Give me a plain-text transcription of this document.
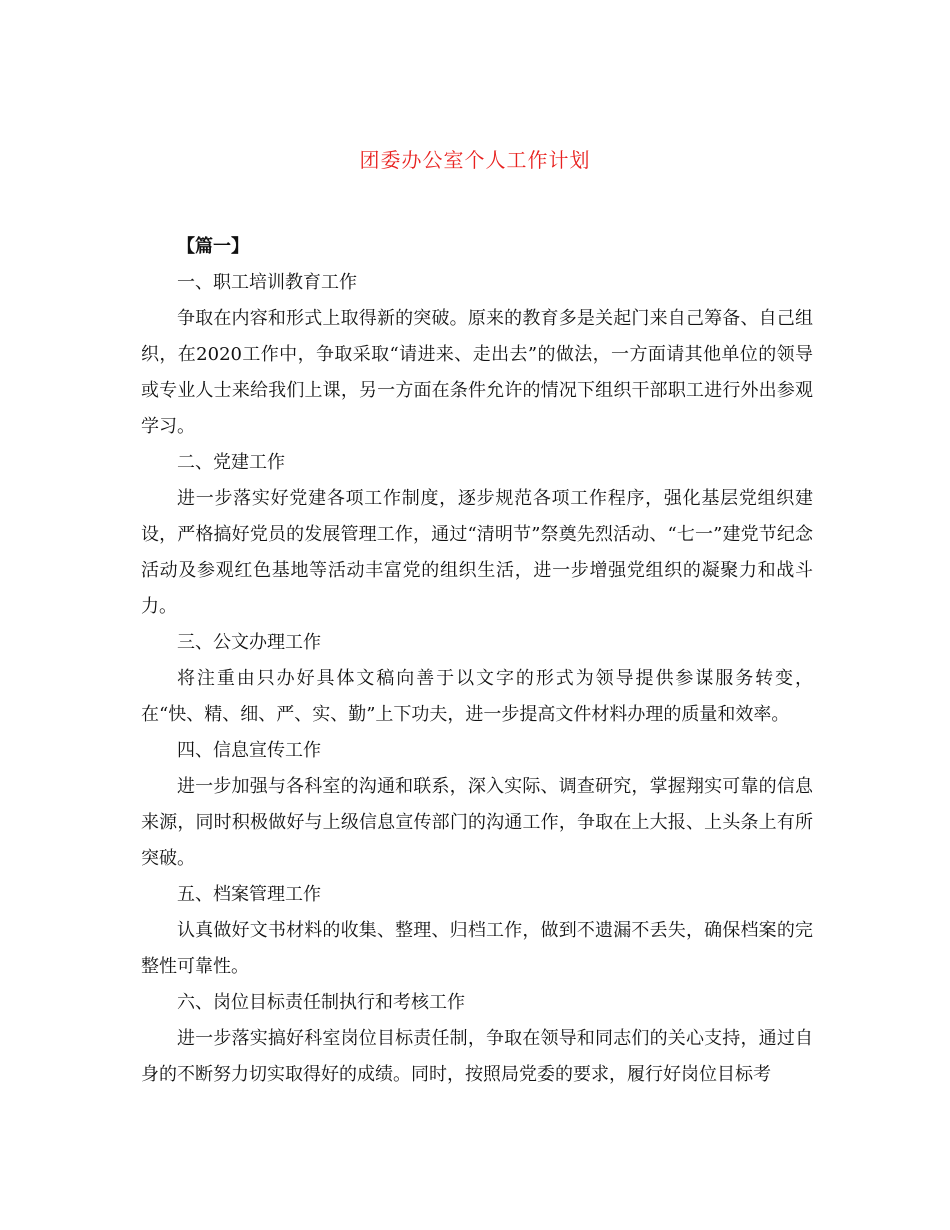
团委办公室个人工作计划

【篇一】

一、职工培训教育工作

争取在内容和形式上取得新的突破。原来的教育多是关起门来自己筹备、自己组织，在2020工作中，争取采取“请进来、走出去”的做法，一方面请其他单位的领导或专业人士来给我们上课，另一方面在条件允许的情况下组织干部职工进行外出参观学习。

二、党建工作

进一步落实好党建各项工作制度，逐步规范各项工作程序，强化基层党组织建设，严格搞好党员的发展管理工作，通过“清明节”祭奠先烈活动、“七一”建党节纪念活动及参观红色基地等活动丰富党的组织生活，进一步增强党组织的凝聚力和战斗力。

三、公文办理工作

将注重由只办好具体文稿向善于以文字的形式为领导提供参谋服务转变，在“快、精、细、严、实、勤”上下功夫，进一步提高文件材料办理的质量和效率。

四、信息宣传工作

进一步加强与各科室的沟通和联系，深入实际、调查研究，掌握翔实可靠的信息来源，同时积极做好与上级信息宣传部门的沟通工作，争取在上大报、上头条上有所突破。

五、档案管理工作

认真做好文书材料的收集、整理、归档工作，做到不遗漏不丢失，确保档案的完整性可靠性。

六、岗位目标责任制执行和考核工作

进一步落实搞好科室岗位目标责任制，争取在领导和同志们的关心支持，通过自身的不断努力切实取得好的成绩。同时，按照局党委的要求，履行好岗位目标考
